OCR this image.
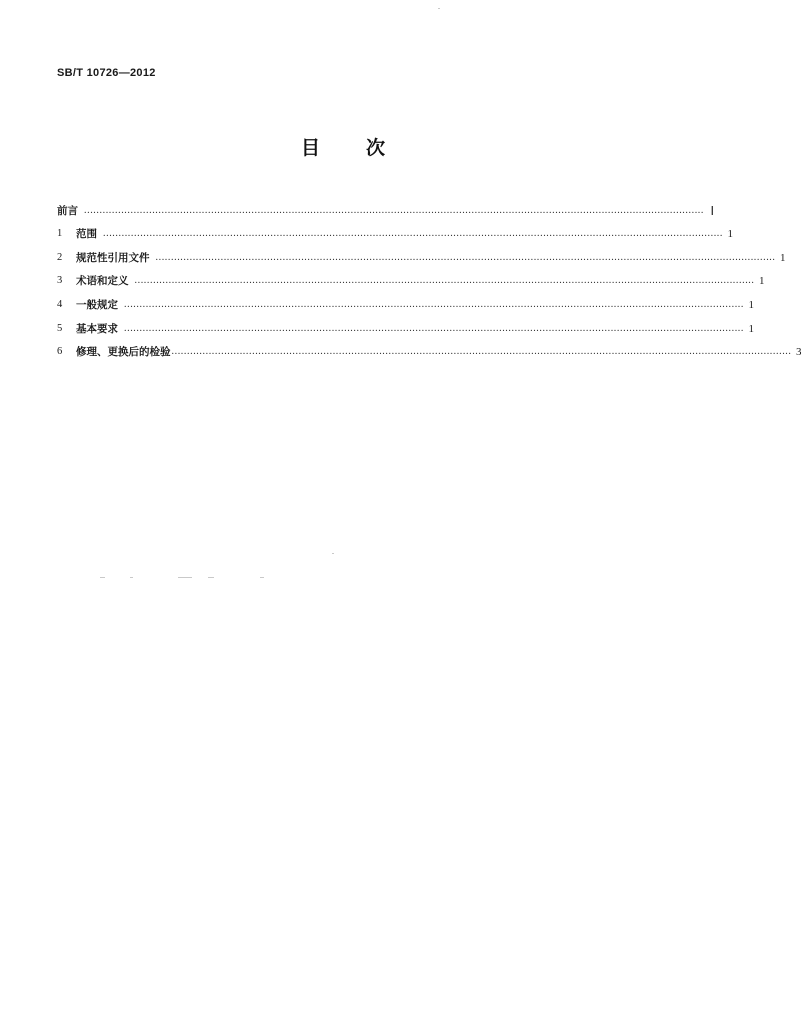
SB/T 10726—2012
目 次
前言 ........................................................................................................................................................................................................ Ⅰ
1	范围 ........................................................................................................................................................................................................ 1
2	规范性引用文件 ........................................................................................................................................................................................................ 1
3	术语和定义 ........................................................................................................................................................................................................ 1
4	一般规定 ........................................................................................................................................................................................................ 1
5	基本要求 ........................................................................................................................................................................................................ 1
6	修理、更换后的检验 ........................................................................................................................................................................................................ 3
